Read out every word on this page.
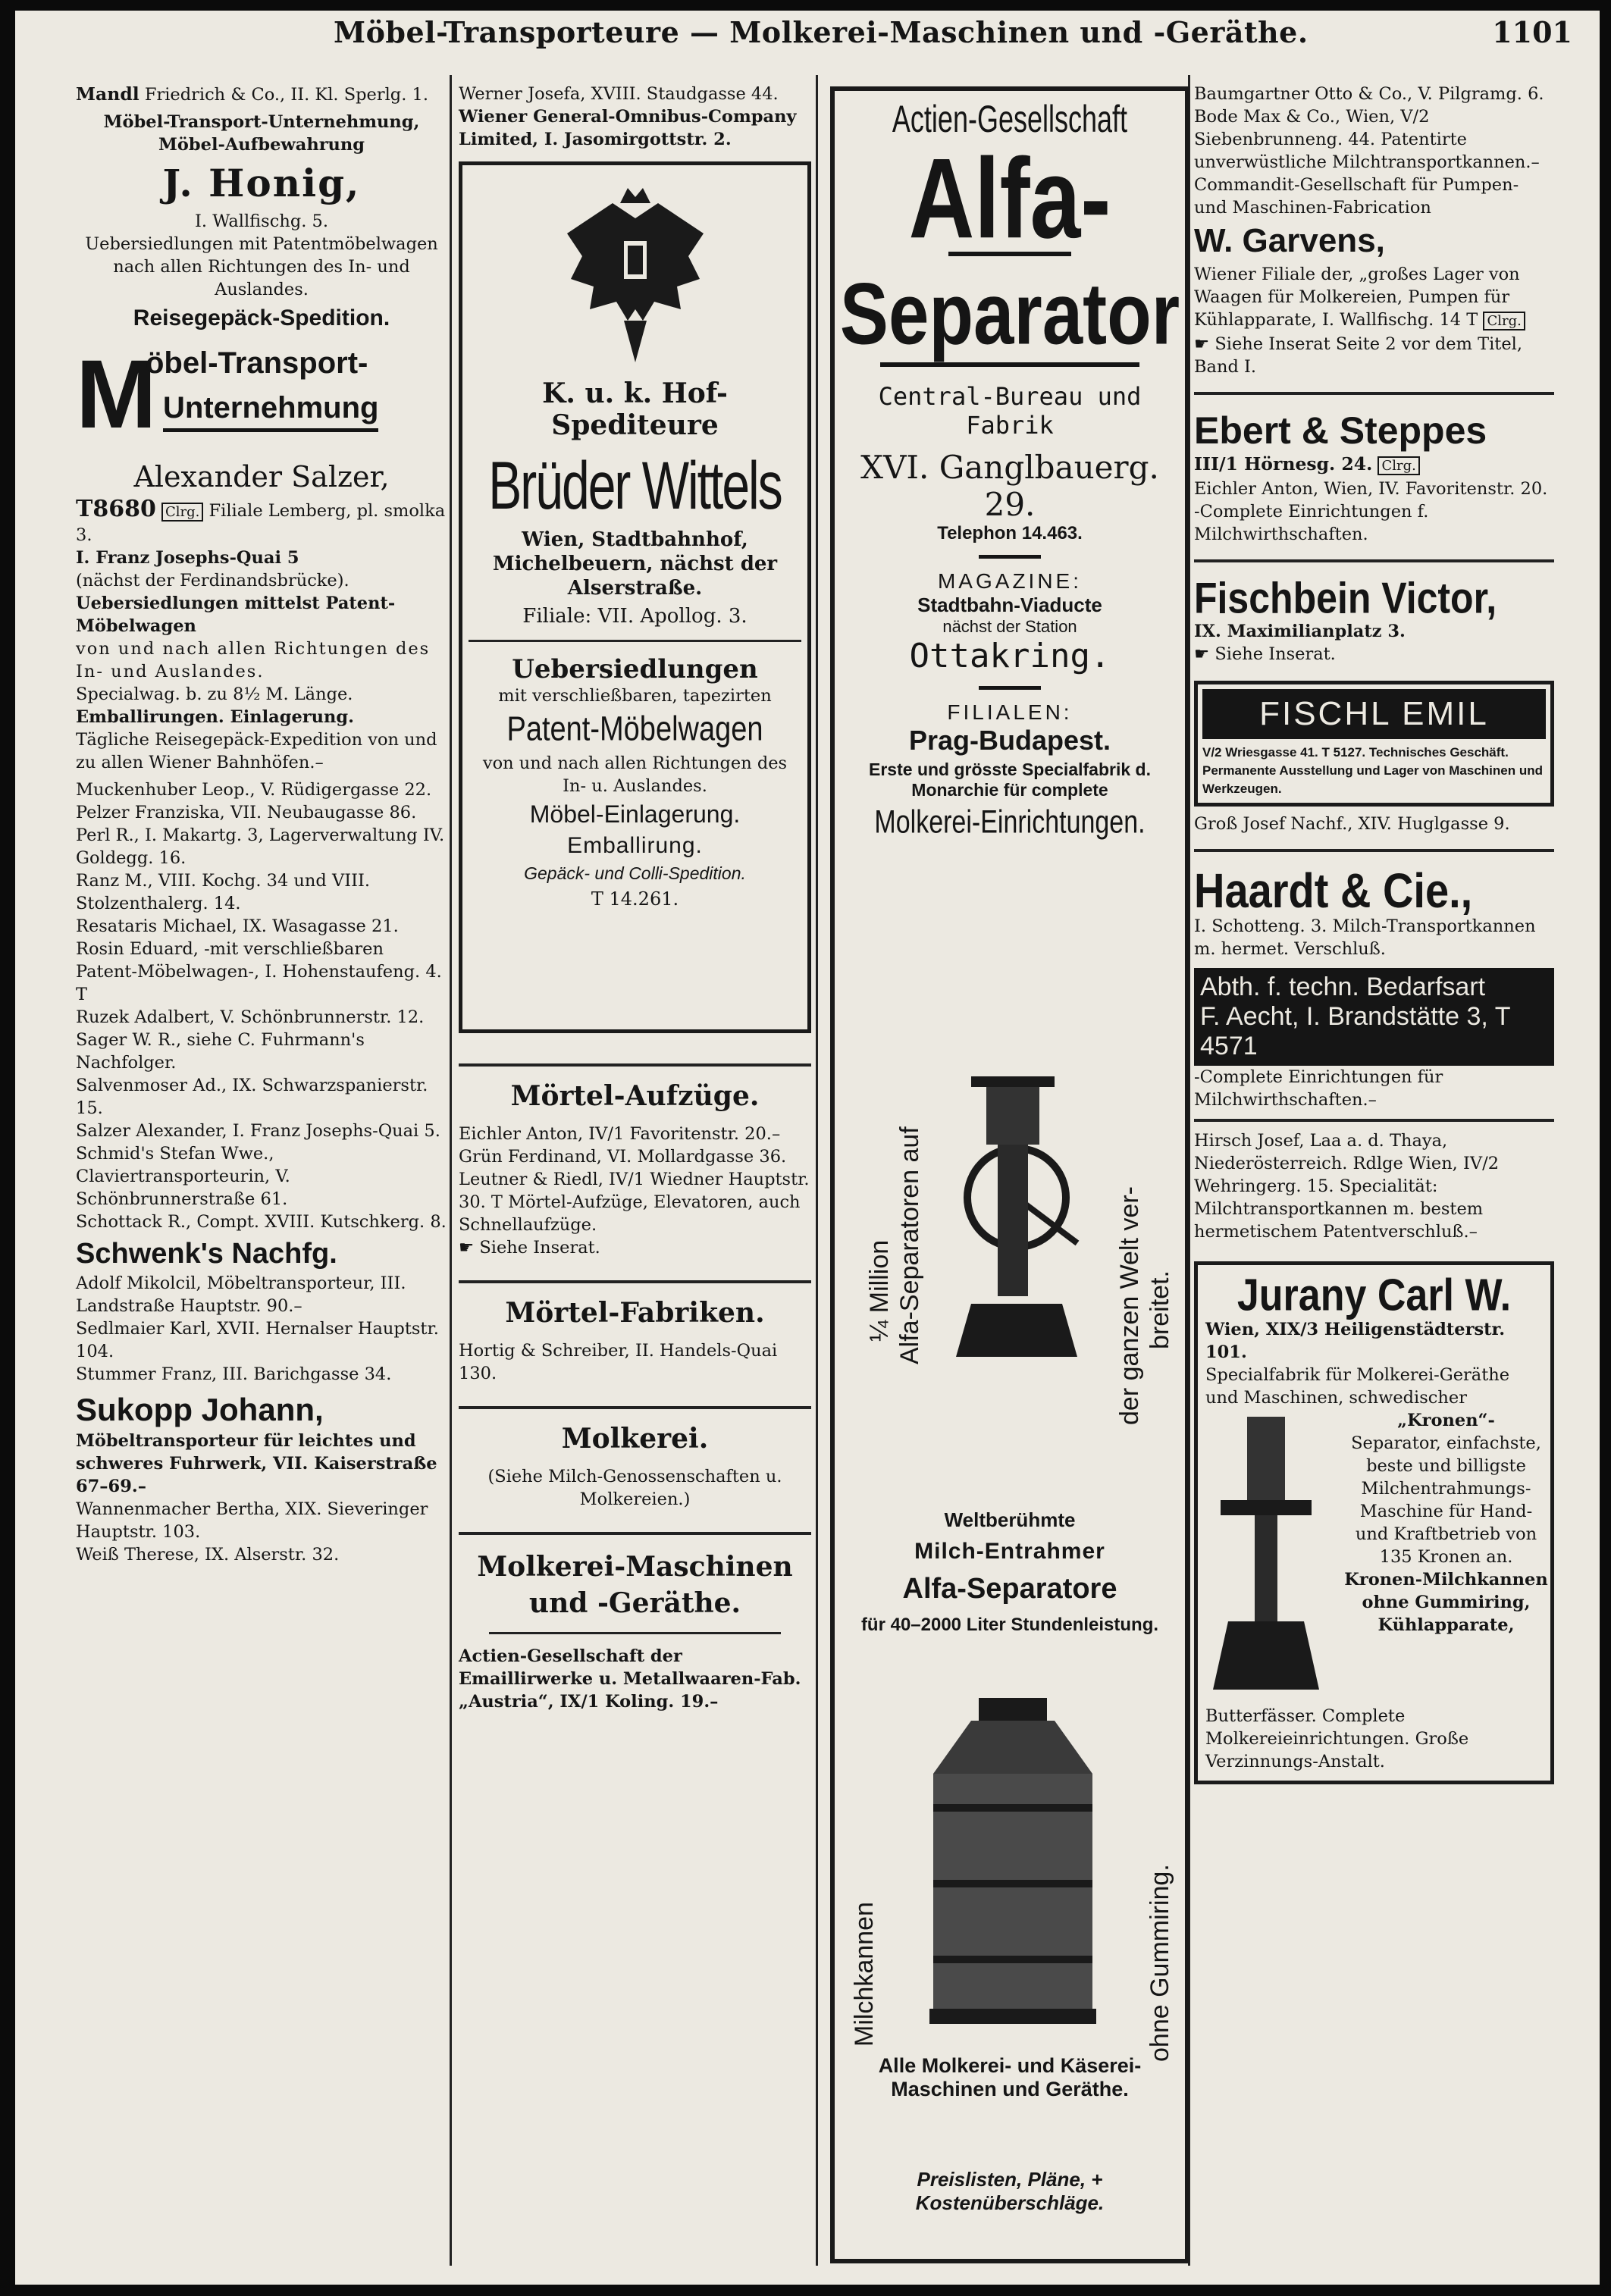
Möbel-Transporteure — Molkerei-Maschinen und -Geräthe.	1101

Mandl Friedrich & Co., II. Kl. Sperlg. 1.

Möbel-Transport-Unternehmung, Möbel-Aufbewahrung

J. Honig,

I. Wallfischg. 5.

Uebersiedlungen mit Patentmöbelwagen nach allen Richtungen des In- und Auslandes.

Reisegepäck-Spedition.
M
öbel-Transport-
Unternehmung
Alexander Salzer,

T8680 Clrg. Filiale Lemberg, pl. smolka 3.

I. Franz Josephs-Quai 5

(nächst der Ferdinandsbrücke).

Uebersiedlungen mittelst Patent-Möbelwagen

von und nach allen Richtungen des In- und Auslandes.

Specialwag. b. zu 8½ M. Länge.

Emballirungen. Einlagerung.

Tägliche Reisegepäck-Expedition von und zu allen Wiener Bahnhöfen.–

Muckenhuber Leop., V. Rüdigergasse 22.

Pelzer Franziska, VII. Neubaugasse 86.

Perl R., I. Makartg. 3, Lagerverwaltung IV. Goldegg. 16.

Ranz M., VIII. Kochg. 34 und VIII. Stolzenthalerg. 14.

Resataris Michael, IX. Wasagasse 21.

Rosin Eduard, -mit verschließbaren Patent-Möbelwagen-, I. Hohenstaufeng. 4. T

Ruzek Adalbert, V. Schönbrunnerstr. 12.

Sager W. R., siehe C. Fuhrmann's Nachfolger.

Salvenmoser Ad., IX. Schwarzspanierstr. 15.

Salzer Alexander, I. Franz Josephs-Quai 5.

Schmid's Stefan Wwe., Claviertransporteurin, V. Schönbrunnerstraße 61.

Schottack R., Compt. XVIII. Kutschkerg. 8.

Schwenk's Nachfg.

Adolf Mikolcil, Möbeltransporteur, III. Landstraße Hauptstr. 90.–

Sedlmaier Karl, XVII. Hernalser Hauptstr. 104.

Stummer Franz, III. Barichgasse 34.

Sukopp Johann,

Möbeltransporteur für leichtes und schweres Fuhrwerk, VII. Kaiserstraße 67–69.–

Wannenmacher Bertha, XIX. Sieveringer Hauptstr. 103.

Weiß Therese, IX. Alserstr. 32.

Werner Josefa, XVIII. Staudgasse 44.

Wiener General-Omnibus-Company Limited, I. Jasomirgottstr. 2.

K. u. k. Hof-
Spediteure
Brüder Wittels

Wien, Stadtbahnhof, Michelbeuern, nächst der Alserstraße.

Filiale: VII. Apollog. 3.

Uebersiedlungen

mit verschließbaren, tapezirten

Patent-Möbelwagen

von und nach allen Richtungen des In- u. Auslandes.

Möbel-Einlagerung.
Emballirung.
Gepäck- und Colli-Spedition.
T 14.261.
Mörtel-Aufzüge.

Eichler Anton, IV/1 Favoritenstr. 20.–

Grün Ferdinand, VI. Mollardgasse 36.

Leutner & Riedl, IV/1 Wiedner Hauptstr. 30. T Mörtel-Aufzüge, Elevatoren, auch Schnellaufzüge.

☛ Siehe Inserat.

Mörtel-Fabriken.

Hortig & Schreiber, II. Handels-Quai 130.

Molkerei.

(Siehe Milch-Genossenschaften u. Molkereien.)

Molkerei-Maschinen und -Geräthe.

Actien-Gesellschaft der Emaillirwerke u. Metallwaaren-Fab. „Austria“, IX/1 Koling. 19.–

Actien-Gesellschaft
Alfa-
Separator
Central-Bureau und Fabrik
XVI. Ganglbauerg. 29.
Telephon 14.463.
MAGAZINE:
Stadtbahn-Viaducte
nächst der Station
Ottakring.
FILIALEN:
Prag-Budapest.
Erste und grösste Specialfabrik d. Monarchie für complete
Molkerei-Einrichtungen.
¼ Million Alfa-Separatoren auf	der ganzen Welt ver- breitet.
Weltberühmte
Milch-Entrahmer
Alfa-Separatore
für 40–2000 Liter Stundenleistung.
Milchkannen	ohne Gummiring.
Alle Molkerei- und Käserei-Maschinen und Geräthe.
Preislisten, Pläne, + Kostenüberschläge.

Baumgartner Otto & Co., V. Pilgramg. 6.

Bode Max & Co., Wien, V/2 Siebenbrunneng. 44. Patentirte unverwüstliche Milchtransportkannen.–

Commandit-Gesellschaft für Pumpen- und Maschinen-Fabrication

W. Garvens,

Wiener Filiale der, „großes Lager von Waagen für Molkereien, Pumpen für Kühlapparate, I. Wallfischg. 14 T Clrg.

☛ Siehe Inserat Seite 2 vor dem Titel, Band I.

Ebert & Steppes

III/1 Hörnesg. 24. Clrg.

Eichler Anton, Wien, IV. Favoritenstr. 20. -Complete Einrichtungen f. Milchwirthschaften.

Fischbein Victor,

IX. Maximilianplatz 3.

☛ Siehe Inserat.

FISCHL EMIL

V/2 Wriesgasse 41. T 5127. Technisches Geschäft. Permanente Ausstellung und Lager von Maschinen und Werkzeugen.

Groß Josef Nachf., XIV. Huglgasse 9.

Haardt & Cie.,

I. Schotteng. 3. Milch-Transportkannen m. hermet. Verschluß.

Abth. f. techn. Bedarfsart
F. Aecht, I. Brandstätte 3, T 4571

-Complete Einrichtungen für Milchwirthschaften.–

Hirsch Josef, Laa a. d. Thaya, Niederösterreich. Rdlge Wien, IV/2 Wehringerg. 15. Specialität: Milchtransportkannen m. bestem hermetischem Patentverschluß.–

Jurany Carl W.

Wien, XIX/3 Heiligenstädterstr. 101.

Specialfabrik für Molkerei-Geräthe und Maschinen, schwedischer

„Kronen“-

Separator, einfachste, beste und billigste Milchentrahmungs-Maschine für Hand- und Kraftbetrieb von 135 Kronen an.

Kronen-Milchkannen ohne Gummiring, Kühlapparate,

Butterfässer. Complete Molkereieinrichtungen. Große Verzinnungs-Anstalt.
